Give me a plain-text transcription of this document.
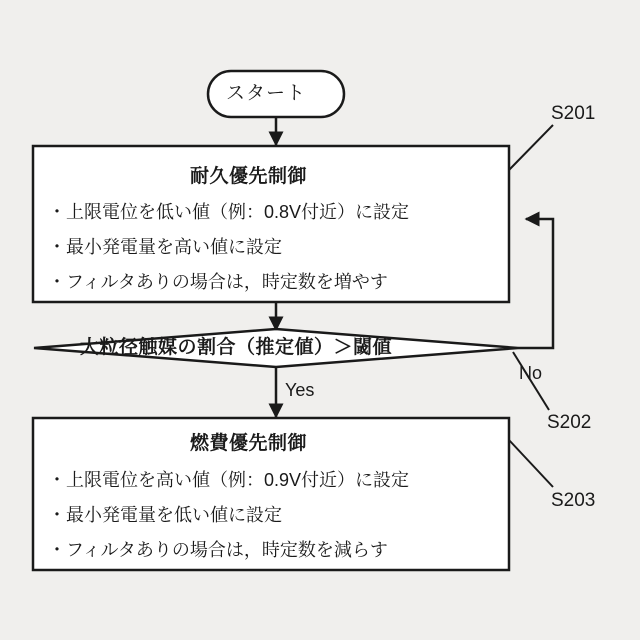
スタート
耐久優先制御
・上限電位を低い値（例：0.8V付近）に設定
・最小発電量を高い値に設定
・フィルタありの場合は，時定数を増やす
S201
大粒径触媒の割合（推定値）＞閾値
No
Yes
S202
燃費優先制御
・上限電位を高い値（例：0.9V付近）に設定
・最小発電量を低い値に設定
・フィルタありの場合は，時定数を減らす
S203
